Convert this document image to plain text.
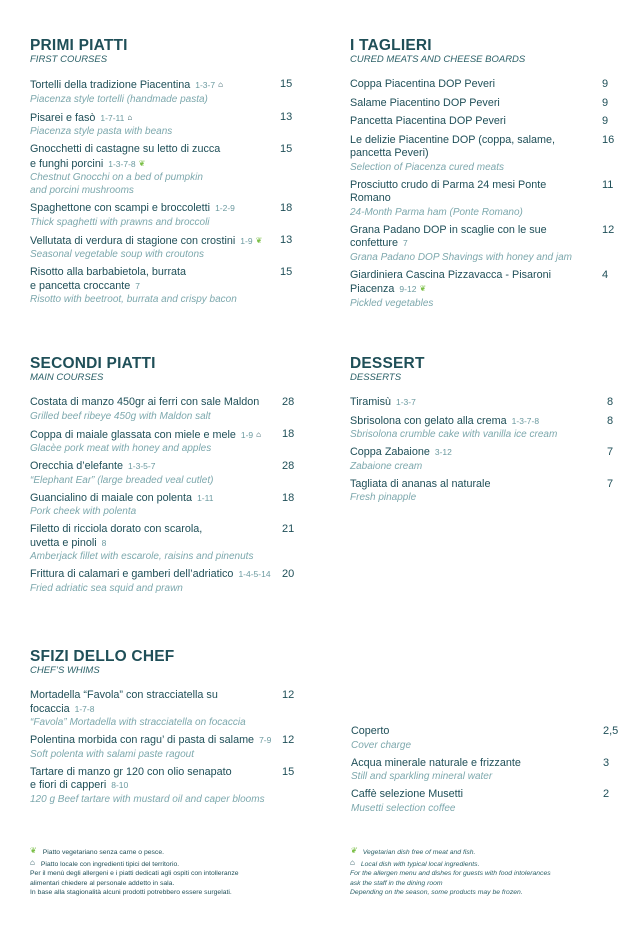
PRIMI PIATTI
FIRST COURSES
Tortelli della tradizione Piacentina 1-3-7 ⌂
Piacenza style tortelli (handmade pasta)
15
Pisarei e fasò 1-7-11 ⌂
Piacenza style pasta with beans
13
Gnocchetti di castagne su letto di zucca
e funghi porcini 1-3-7-8 ❦
Chestnut Gnocchi on a bed of pumpkin
and porcini mushrooms
15
Spaghettone con scampi e broccoletti 1-2-9
Thick spaghetti with prawns and broccoli
18
Vellutata di verdura di stagione con crostini 1-9 ❦
Seasonal vegetable soup with croutons
13
Risotto alla barbabietola, burrata
e pancetta croccante 7
Risotto with beetroot, burrata and crispy bacon
15
I TAGLIERI
CURED MEATS AND CHEESE BOARDS
Coppa Piacentina DOP Peveri	9
Salame Piacentino DOP Peveri	9
Pancetta Piacentina DOP Peveri	9
Le delizie Piacentine DOP (coppa, salame,
pancetta Peveri)
Selection of Piacenza cured meats
16
Prosciutto crudo di Parma 24 mesi Ponte
Romano
24-Month Parma ham (Ponte Romano)
11
Grana Padano DOP in scaglie con le sue
confetture 7
Grana Padano DOP Shavings with honey and jam
12
Giardiniera Cascina Pizzavacca - Pisaroni
Piacenza 9-12 ❦
Pickled vegetables
4
SECONDI PIATTI
MAIN COURSES
Costata di manzo 450gr ai ferri con sale Maldon
Grilled beef ribeye 450g with Maldon salt
28
Coppa di maiale glassata con miele e mele 1-9 ⌂
Glacèe pork meat with honey and apples
18
Orecchia d’elefante 1-3-5-7
“Elephant Ear” (large breaded veal cutlet)
28
Guancialino di maiale con polenta 1-11
Pork cheek with polenta
18
Filetto di ricciola dorato con scarola,
uvetta e pinoli 8
Amberjack fillet with escarole, raisins and pinenuts
21
Frittura di calamari e gamberi dell’adriatico 1-4-5-14
Fried adriatic sea squid and prawn
20
DESSERT
DESSERTS
Tiramisù 1-3-7	8
Sbrisolona con gelato alla crema 1-3-7-8
Sbrisolona crumble cake with vanilla ice cream
8
Coppa Zabaione 3-12
Zabaione cream
7
Tagliata di ananas al naturale
Fresh pinapple
7
SFIZI DELLO CHEF
CHEF’S WHIMS
Mortadella “Favola” con stracciatella su
focaccia 1-7-8
“Favola” Mortadella with stracciatella on focaccia
12
Polentina morbida con ragu’ di pasta di salame 7-9
Soft polenta with salami paste ragout
12
Tartare di manzo gr 120 con olio senapato
e fiori di capperi 8-10
120 g Beef tartare with mustard oil and caper blooms
15
Coperto
Cover charge
2,5
Acqua minerale naturale e frizzante
Still and sparkling mineral water
3
Caffè selezione Musetti
Musetti selection coffee
2
❦ Piatto vegetariano senza carne o pesce.
⌂ Piatto locale con ingredienti tipici del territorio.
Per il menù degli allergeni e i piatti dedicati agli ospiti con intolleranze
alimentari chiedere al personale addetto in sala.
In base alla stagionalità alcuni prodotti potrebbero essere surgelati.
❦ Vegetarian dish free of meat and fish.
⌂ Local dish with typical local ingredients.
For the allergen menu and dishes for guests with food intolerances
ask the staff in the dining room
Depending on the season, some products may be frozen.
